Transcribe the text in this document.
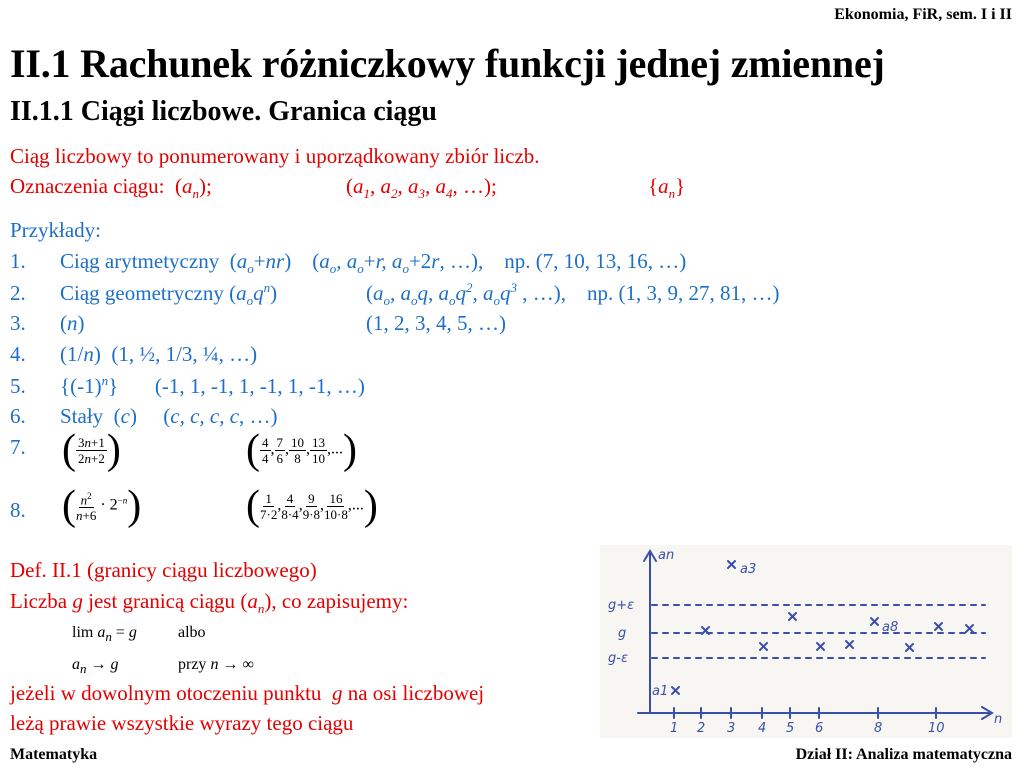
Ekonomia, FiR, sem. I i II
II.1 Rachunek różniczkowy funkcji jednej zmiennej
II.1.1 Ciągi liczbowe. Granica ciągu
Ciąg liczbowy to ponumerowany i uporządkowany zbiór liczb.
Oznaczenia ciągu:  $(a_n)$;	($a_1$, $a_2$, $a_3$, $a_4$, …);	$\{a_n\}$
Przykłady:
1. Ciąg arytmetyczny  $(a_o+nr)$    ($a_o$, $a_o+r$, $a_o+2r$, …),    np. (7, 10, 13, 16, …)
2. Ciąg geometryczny $(a_oq^n)$	($a_o$, $a_oq$, $a_oq^2$, $a_oq^3$ , …),    np. (1, 3, 9, 27, 81, …)
3. (n)	(1, 2, 3, 4, 5, …)
4. (1/n)  (1, ½, 1/3, ¼, …)
5. $\{(-1)^n\}$       (-1, 1, -1, 1, -1, 1, -1, …)
6. Stały  (c)     (c, c, c, c, …)
7. ( $\frac{3n+1}{2n+2}$ )	( $\frac{4}{4}$ , $\frac{7}{6}$ , $\frac{10}{8}$ , $\frac{13}{10}$ ,...)
8. ( $\frac{n^2}{n+6} \cdot 2^{-n}$) ( $\frac{1}{7\cdot 2}$ , $\frac{4}{8\cdot 4}$ , $\frac{9}{9\cdot 8}$ , $\frac{16}{10\cdot 8}$ ,...)
Def. II.1 (granicy ciągu liczbowego)
Liczba g jest granicą ciągu $(a_n)$, co zapisujemy:
$\lim a_n = g$	albo
$a_n \to g$	przy n → ∞
jeżeli w dowolnym otoczeniu punktu g na osi liczbowej
leżą prawie wszystkie wyrazy tego ciągu
an
n
g+ε
g
g-ε
a3
a8
a1
1 2 3 4 5 6	8	10
Matematyka	Dział II: Analiza matematyczna
